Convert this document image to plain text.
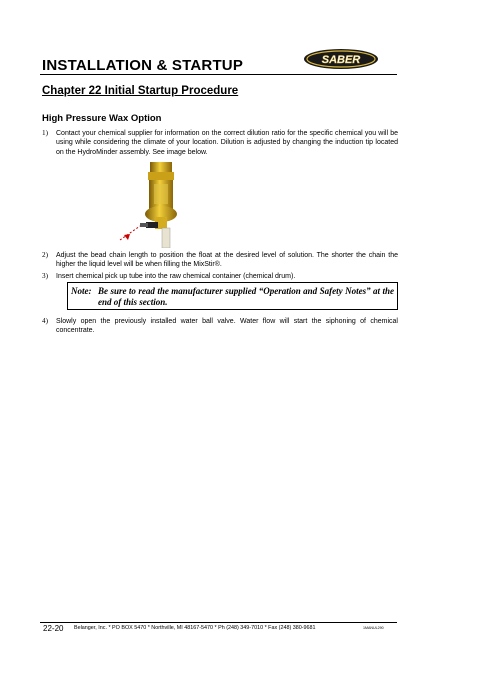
INSTALLATION & STARTUP	SABER
Chapter 22 Initial Startup Procedure
High Pressure Wax Option
1) Contact your chemical supplier for information on the correct dilution ratio for the specific chemical you will be using while considering the climate of your location. Dilution is adjusted by changing the induction tip located on the HydroMinder assembly. See image below.
2) Adjust the bead chain length to position the float at the desired level of solution. The shorter the chain the higher the liquid level will be when filling the MixStir®.
3) Insert chemical pick up tube into the raw chemical container (chemical drum).
Note: Be sure to read the manufacturer supplied “Operation and Safety Notes” at the end of this section.
4) Slowly open the previously installed water ball valve. Water flow will start the siphoning of chemical concentrate.
22-20 Belanger, Inc. * PO BOX 5470 * Northville, MI 48167-5470 * Ph (248) 349-7010 * Fax (248) 380-9681	1MANUL290
